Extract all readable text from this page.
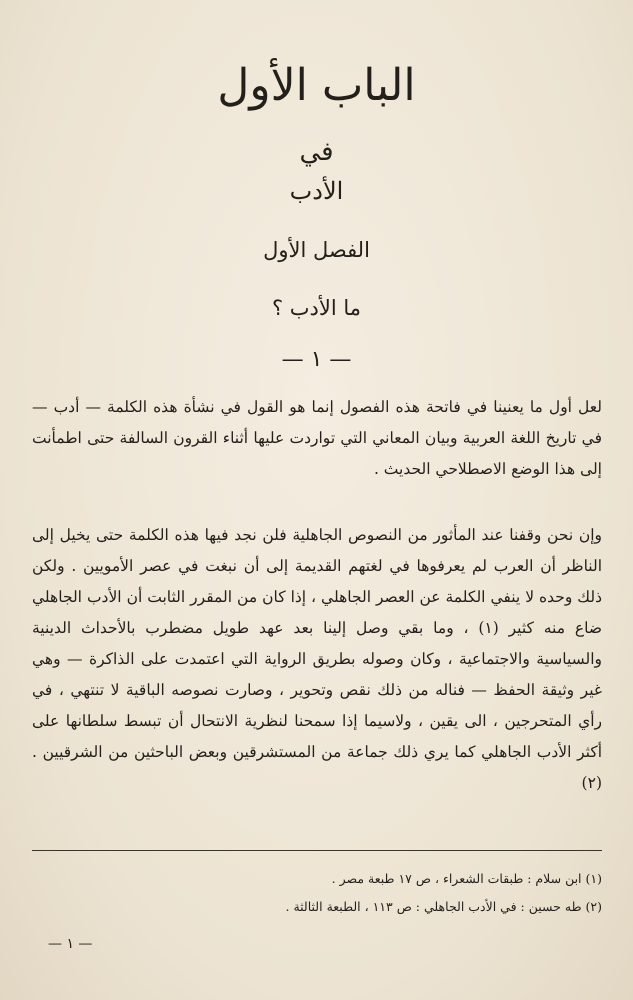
الباب الأول
في
الأدب
الفصل الأول
ما الأدب ؟
— ١ —

لعل أول ما يعنينا في فاتحة هذه الفصول إنما هو القول في نشأة هذه الكلمة — أدب — في تاريخ اللغة العربية وبيان المعاني التي تواردت عليها أثناء القرون السالفة حتى اطمأنت إلى هذا الوضع الاصطلاحي الحديث .

وإن نحن وقفنا عند المأثور من النصوص الجاهلية فلن نجد فيها هذه الكلمة حتى يخيل إلى الناظر أن العرب لم يعرفوها في لغتهم القديمة إلى أن نبغت في عصر الأمويين . ولكن ذلك وحده لا ينفي الكلمة عن العصر الجاهلي ، إذا كان من المقرر الثابت أن الأدب الجاهلي ضاع منه كثير (١) ، وما بقي وصل إلينا بعد عهد طويل مضطرب بالأحداث الدينية والسياسية والاجتماعية ، وكان وصوله بطريق الرواية التي اعتمدت على الذاكرة — وهي غير وثيقة الحفظ — فناله من ذلك نقص وتحوير ، وصارت نصوصه الباقية لا تنتهي ، في رأي المتحرجين ، الى يقين ، ولاسيما إذا سمحنا لنظرية الانتحال أن تبسط سلطانها على أكثر الأدب الجاهلي كما يري ذلك جماعة من المستشرقين وبعض الباحثين من الشرقيين . (٢)

(١) ابن سلام : طبقات الشعراء ، ص ١٧ طبعة مصر .
(٢) طه حسين : في الأدب الجاهلي : ص ١١٣ ، الطبعة الثالثة .
— ١ —
